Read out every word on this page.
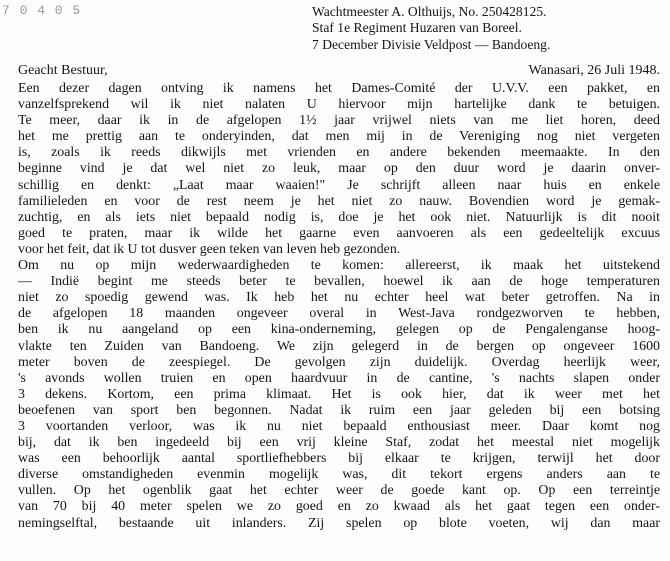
7 0 4 0 5	Wachtmeester A. Olthuijs, No. 250428125.
Staf 1e Regiment Huzaren van Boreel.
7 December Divisie Veldpost — Bandoeng.
Geacht Bestuur,	Wanasari, 26 Juli 1948.
Een dezer dagen ontving ik namens het Dames-Comité der U.V.V. een pakket, en
vanzelfsprekend wil ik niet nalaten U hiervoor mijn hartelijke dank te betuigen.
Te meer, daar ik in de afgelopen 1½ jaar vrijwel niets van me liet horen, deed
het me prettig aan te onderyinden, dat men mij in de Vereniging nog niet vergeten
is, zoals ik reeds dikwijls met vrienden en andere bekenden meemaakte. In den
beginne vind je dat wel niet zo leuk, maar op den duur word je daarin onver-
schillig en denkt: „Laat maar waaien!" Je schrijft alleen naar huis en enkele
familieleden en voor de rest neem je het niet zo nauw. Bovendien word je gemak-
zuchtig, en als iets niet bepaald nodig is, doe je het ook niet. Natuurlijk is dit nooit
goed te praten, maar ik wilde het gaarne even aanvoeren als een gedeeltelijk excuus
voor het feit, dat ik U tot dusver geen teken van leven heb gezonden.
Om nu op mijn wederwaardigheden te komen: allereerst, ik maak het uitstekend
— Indië begint me steeds beter te bevallen, hoewel ik aan de hoge temperaturen
niet zo spoedig gewend was. Ik heb het nu echter heel wat beter getroffen. Na in
de afgelopen 18 maanden ongeveer overal in West-Java rondgezworven te hebben,
ben ik nu aangeland op een kina-onderneming, gelegen op de Pengalenganse hoog-
vlakte ten Zuiden van Bandoeng. We zijn gelegerd in de bergen op ongeveer 1600
meter boven de zeespiegel. De gevolgen zijn duidelijk. Overdag heerlijk weer,
's avonds wollen truien en open haardvuur in de cantine, 's nachts slapen onder
3 dekens. Kortom, een prima klimaat. Het is ook hier, dat ik weer met het
beoefenen van sport ben begonnen. Nadat ik ruim een jaar geleden bij een botsing
3 voortanden verloor, was ik nu niet bepaald enthousiast meer. Daar komt nog
bij, dat ik ben ingedeeld bij een vrij kleine Staf, zodat het meestal niet mogelijk
was een behoorlijk aantal sportliefhebbers bij elkaar te krijgen, terwijl het door
diverse omstandigheden evenmin mogelijk was, dit tekort ergens anders aan te
vullen. Op het ogenblik gaat het echter weer de goede kant op. Op een terreintje
van 70 bij 40 meter spelen we zo goed en zo kwaad als het gaat tegen een onder-
nemingselftal, bestaande uit inlanders. Zij spelen op blote voeten, wij dan maar
